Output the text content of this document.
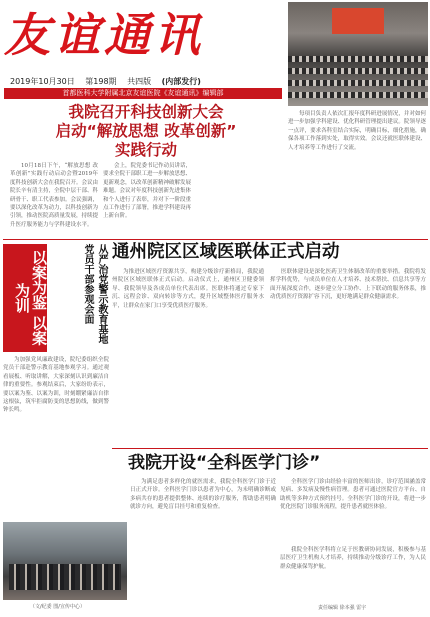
友谊通讯
2019年10月30日 第198期 共四版 (内部发行)
首都医科大学附属北京友谊医院《友谊通讯》编辑部
我院召开科技创新大会
启动“解放思想 改革创新”
实践行动

10月18日下午，“解放思想 改革创新”实践行动启动会暨2019年度科技创新大会在我院召开。会议由院长辛有清主持，全院中层干部、科研骨干、职工代表参加。会议强调，要以深化改革为动力，以科技创新为引领，推动医院高质量发展，持续提升医疗服务能力与学科建设水平。

会上，院党委书记作动员讲话，要求全院干部职工进一步解放思想、更新观念，以改革创新精神破解发展难题。会议对年度科技创新先进集体和个人进行了表彰，并对下一阶段重点工作进行了部署，推进学科建设再上新台阶。

每项目负责人依次汇报年度科研进展情况，并对如何进一步加强学科建设、优化科研管理提出建议。院领导逐一点评，要求各科室结合实际，明确目标，细化措施，确保各项工作落到实处，取得实效。会议还就医联体建设、人才培养等工作进行了交流。

以案为鉴 以案为训	从严治党警示教育基地 党员干部参观会面

为加强党风廉政建设，院纪委组织全院党员干部赴警示教育基地参观学习。通过观看展板、听取讲解，大家深刻认识到廉洁自律的重要性。参观结束后，大家纷纷表示，要以案为鉴、以案为训，时刻绷紧廉洁自律这根弦，筑牢拒腐防变的思想防线，做到警钟长鸣。

通州院区区域医联体正式启动

为推进区域医疗资源共享，构建分级诊疗新格局，我院通州院区区域医联体正式启动。启动仪式上，通州区卫健委领导、我院领导及各成员单位代表出席。医联体将通过专家下沉、远程会诊、双向转诊等方式，提升区域整体医疗服务水平，让群众在家门口享受优质医疗服务。

医联体建设是深化医药卫生体制改革的重要举措。我院将发挥学科优势，与成员单位在人才培养、技术帮扶、信息共享等方面开展深度合作，逐步建立分工协作、上下联动的服务体系，推动优质医疗资源扩容下沉，更好地满足群众健康需求。

我院开设“全科医学门诊”

为满足患者多样化的就医需求，我院全科医学门诊于近日正式开诊。全科医学门诊以患者为中心，为未明确诊断或多病共存的患者提供整体、连续的诊疗服务，帮助患者明确就诊方向，避免盲目挂号和重复检查。

全科医学门诊由经验丰富的医师出诊，诊疗范围涵盖常见病、多发病及慢性病管理。患者可通过医院官方平台、自助机等多种方式预约挂号。全科医学门诊的开设，将进一步优化医院门诊服务流程，提升患者就医体验。

我院全科医学科将立足于医教研协同发展，积极参与基层医疗卫生机构人才培养，持续推动分级诊疗工作，为人民群众健康保驾护航。

（文/纪委 图/宣传中心）	责任编辑 徐本强 雷宇
